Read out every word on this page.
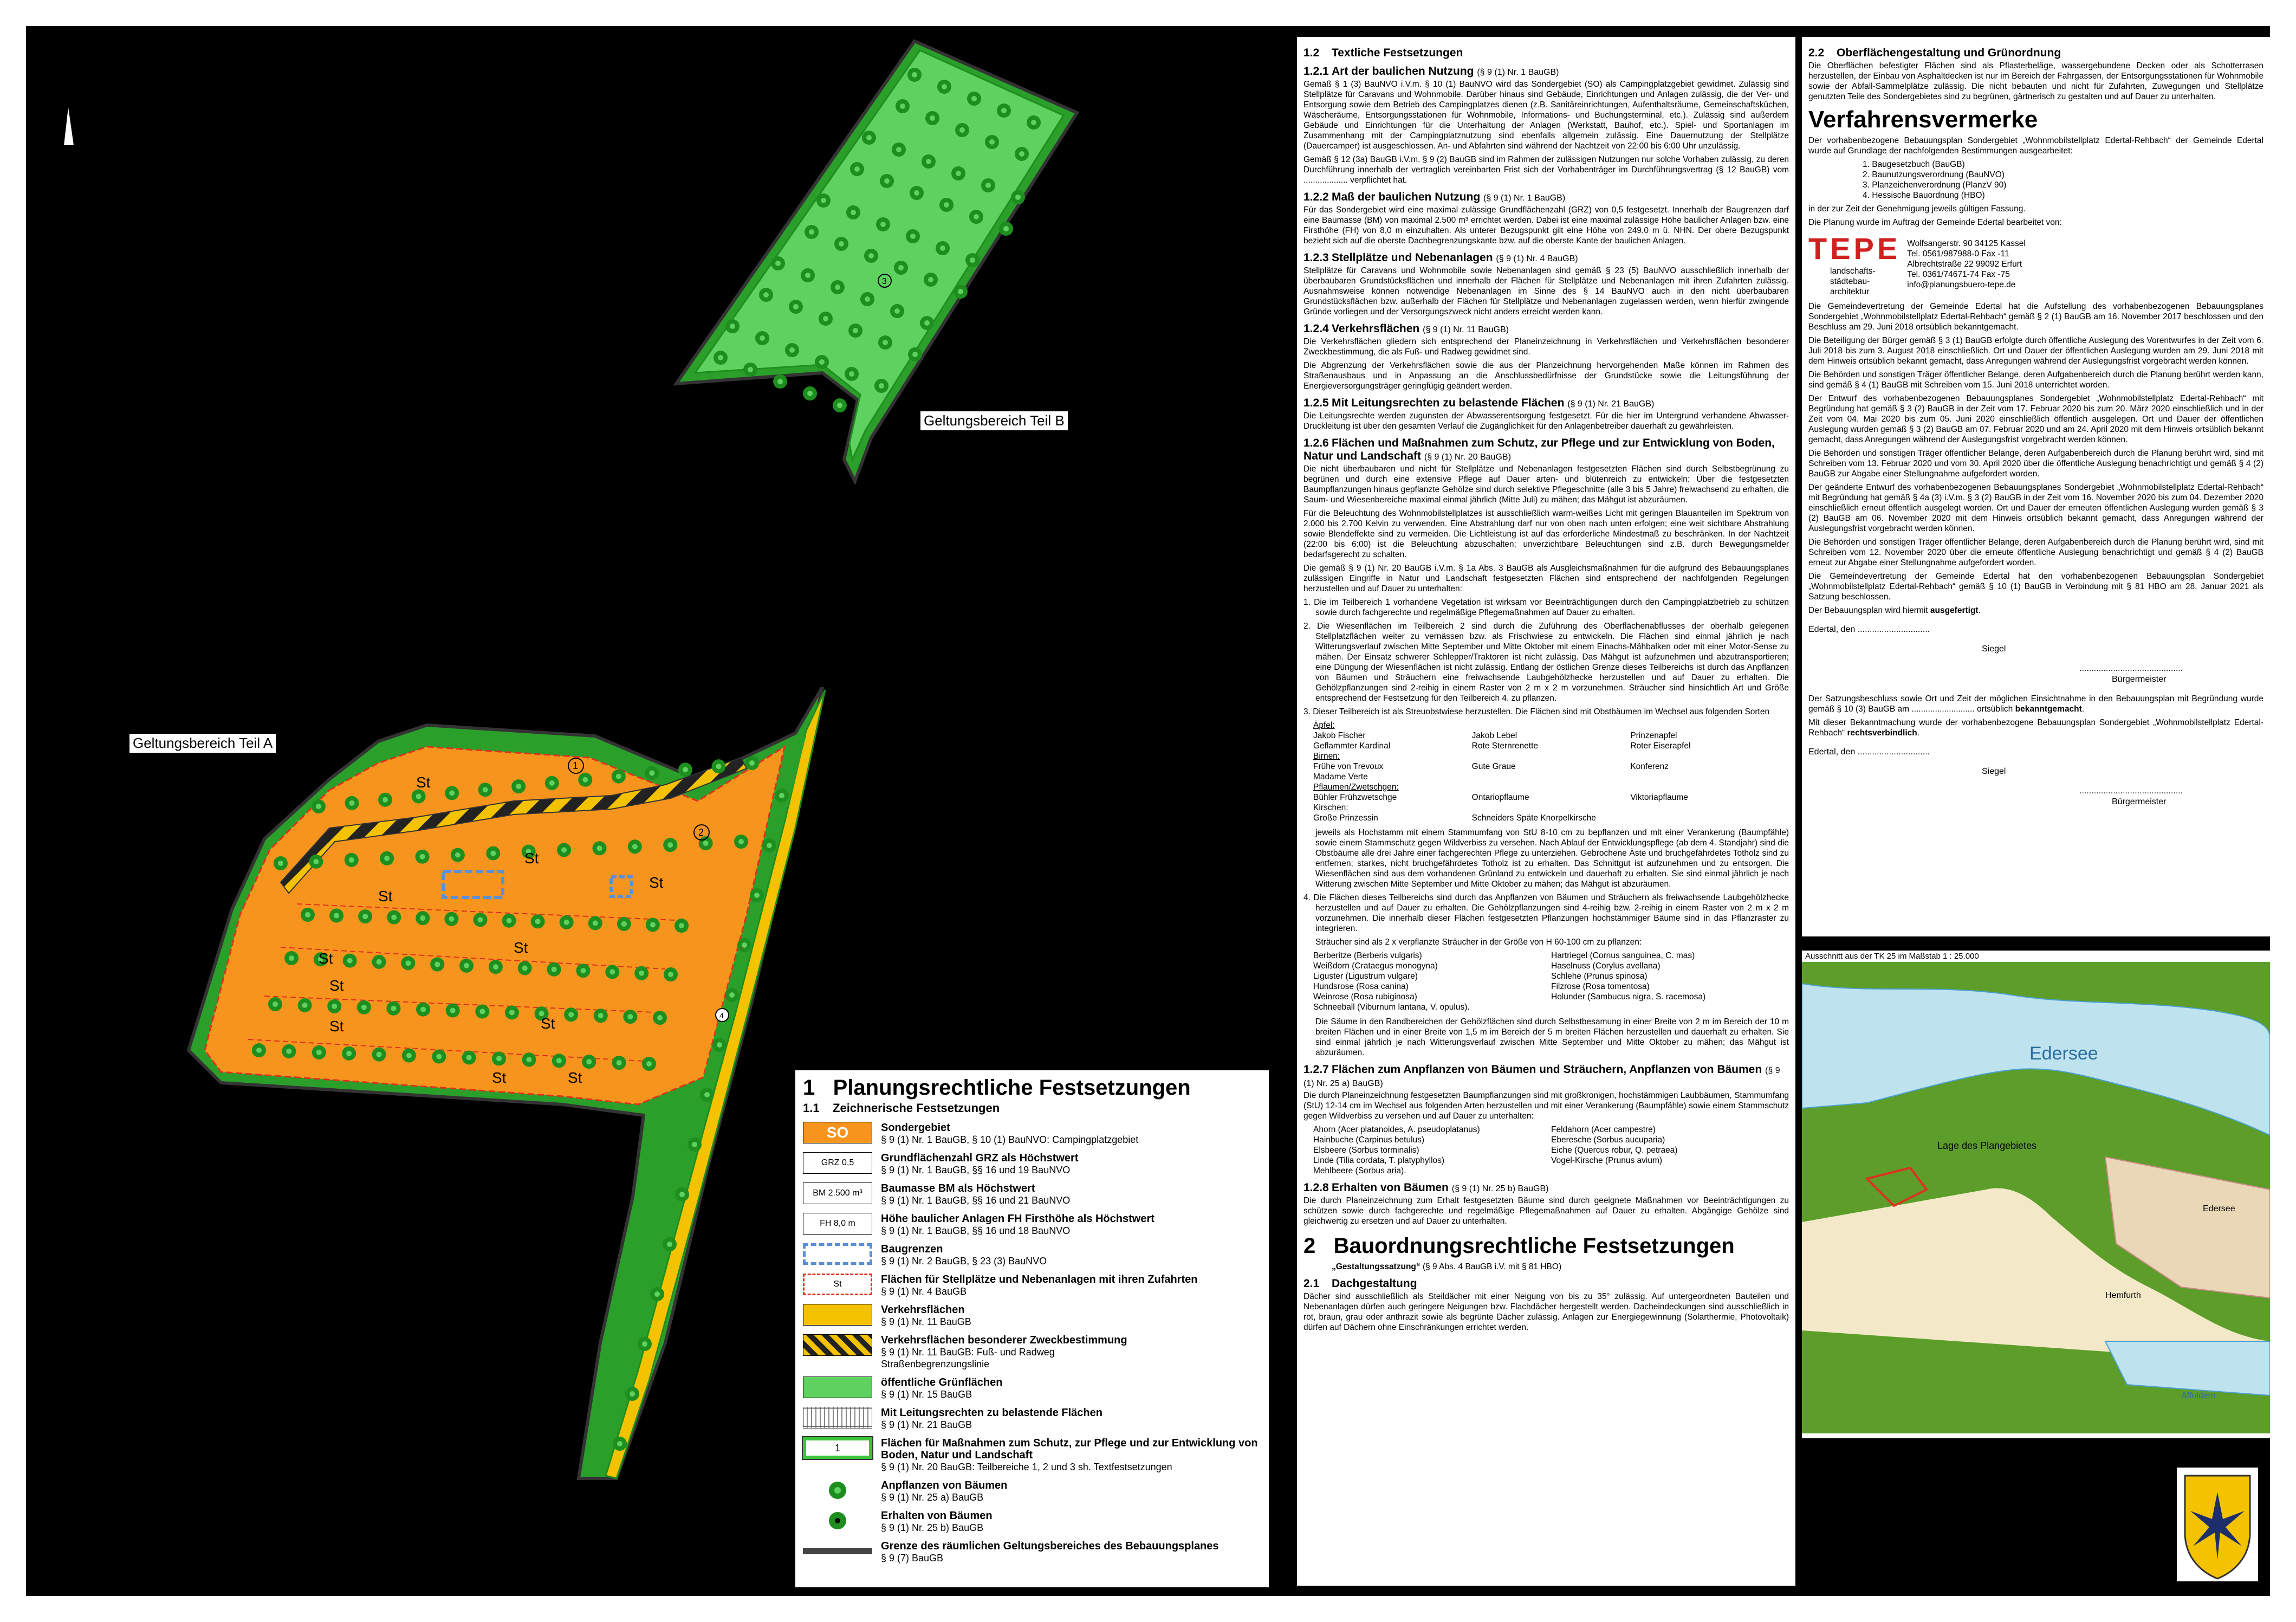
3
St
St
St
St
St
St
St
St	St
St	St
1
2
4
Geltungsbereich Teil B
Geltungsbereich Teil A
1 Planungsrechtliche Festsetzungen
1.1 Zeichnerische Festsetzungen
SO	Sondergebiet
§ 9 (1) Nr. 1 BauGB, § 10 (1) BauNVO: Campingplatzgebiet
GRZ 0,5	Grundflächenzahl GRZ als Höchstwert
§ 9 (1) Nr. 1 BauGB, §§ 16 und 19 BauNVO
BM 2.500 m³	Baumasse BM als Höchstwert
§ 9 (1) Nr. 1 BauGB, §§ 16 und 21 BauNVO
FH 8,0 m	Höhe baulicher Anlagen FH Firsthöhe als Höchstwert
§ 9 (1) Nr. 1 BauGB, §§ 16 und 18 BauNVO
Baugrenzen
§ 9 (1) Nr. 2 BauGB, § 23 (3) BauNVO
St	Flächen für Stellplätze und Nebenanlagen mit ihren Zufahrten
§ 9 (1) Nr. 4 BauGB
Verkehrsflächen
§ 9 (1) Nr. 11 BauGB
Verkehrsflächen besonderer Zweckbestimmung
§ 9 (1) Nr. 11 BauGB: Fuß- und Radweg
Straßenbegrenzungslinie
öffentliche Grünflächen
§ 9 (1) Nr. 15 BauGB
Mit Leitungsrechten zu belastende Flächen
§ 9 (1) Nr. 21 BauGB
1	Flächen für Maßnahmen zum Schutz, zur Pflege und zur Entwicklung von Boden, Natur und Landschaft
§ 9 (1) Nr. 20 BauGB: Teilbereiche 1, 2 und 3 sh. Textfestsetzungen
Anpflanzen von Bäumen
§ 9 (1) Nr. 25 a) BauGB
Erhalten von Bäumen
§ 9 (1) Nr. 25 b) BauGB
Grenze des räumlichen Geltungsbereiches des Bebauungsplanes
§ 9 (7) BauGB
1.2 Textliche Festsetzungen
1.2.1 Art der baulichen Nutzung (§ 9 (1) Nr. 1 BauGB)

Gemäß § 1 (3) BauNVO i.V.m. § 10 (1) BauNVO wird das Sondergebiet (SO) als Campingplatzgebiet gewidmet. Zulässig sind Stellplätze für Caravans und Wohnmobile. Darüber hinaus sind Gebäude, Einrichtungen und Anlagen zulässig, die der Ver- und Entsorgung sowie dem Betrieb des Campingplatzes dienen (z.B. Sanitäreinrichtungen, Aufenthaltsräume, Gemeinschaftsküchen, Wäscheräume, Entsorgungsstationen für Wohnmobile, Informations- und Buchungsterminal, etc.). Zulässig sind außerdem Gebäude und Einrichtungen für die Unterhaltung der Anlagen (Werkstatt, Bauhof, etc.). Spiel- und Sportanlagen im Zusammenhang mit der Campingplatznutzung sind ebenfalls allgemein zulässig. Eine Dauernutzung der Stellplätze (Dauercamper) ist ausgeschlossen. An- und Abfahrten sind während der Nachtzeit von 22:00 bis 6:00 Uhr unzulässig.

Gemäß § 12 (3a) BauGB i.V.m. § 9 (2) BauGB sind im Rahmen der zulässigen Nutzungen nur solche Vorhaben zulässig, zu deren Durchführung innerhalb der vertraglich vereinbarten Frist sich der Vorhabenträger im Durchführungsvertrag (§ 12 BauGB) vom ................... verpflichtet hat.

1.2.2 Maß der baulichen Nutzung (§ 9 (1) Nr. 1 BauGB)

Für das Sondergebiet wird eine maximal zulässige Grundflächenzahl (GRZ) von 0,5 festgesetzt. Innerhalb der Baugrenzen darf eine Baumasse (BM) von maximal 2.500 m³ errichtet werden. Dabei ist eine maximal zulässige Höhe baulicher Anlagen bzw. eine Firsthöhe (FH) von 8,0 m einzuhalten. Als unterer Bezugspunkt gilt eine Höhe von 249,0 m ü. NHN. Der obere Bezugspunkt bezieht sich auf die oberste Dachbegrenzungskante bzw. auf die oberste Kante der baulichen Anlagen.

1.2.3 Stellplätze und Nebenanlagen (§ 9 (1) Nr. 4 BauGB)

Stellplätze für Caravans und Wohnmobile sowie Nebenanlagen sind gemäß § 23 (5) BauNVO ausschließlich innerhalb der überbaubaren Grundstücksflächen und innerhalb der Flächen für Stellplätze und Nebenanlagen mit ihren Zufahrten zulässig. Ausnahmsweise können notwendige Nebenanlagen im Sinne des § 14 BauNVO auch in den nicht überbaubaren Grundstücksflächen bzw. außerhalb der Flächen für Stellplätze und Nebenanlagen zugelassen werden, wenn hierfür zwingende Gründe vorliegen und der Versorgungszweck nicht anders erreicht werden kann.

1.2.4 Verkehrsflächen (§ 9 (1) Nr. 11 BauGB)

Die Verkehrsflächen gliedern sich entsprechend der Planeinzeichnung in Verkehrsflächen und Verkehrsflächen besonderer Zweckbestimmung, die als Fuß- und Radweg gewidmet sind.

Die Abgrenzung der Verkehrsflächen sowie die aus der Planzeichnung hervorgehenden Maße können im Rahmen des Straßenausbaus und in Anpassung an die Anschlussbedürfnisse der Grundstücke sowie die Leitungsführung der Energieversorgungsträger geringfügig geändert werden.

1.2.5 Mit Leitungsrechten zu belastende Flächen (§ 9 (1) Nr. 21 BauGB)

Die Leitungsrechte werden zugunsten der Abwasserentsorgung festgesetzt. Für die hier im Untergrund verhandene Abwasser-Druckleitung ist über den gesamten Verlauf die Zugänglichkeit für den Anlagenbetreiber dauerhaft zu gewährleisten.

1.2.6 Flächen und Maßnahmen zum Schutz, zur Pflege und zur Entwicklung von Boden, Natur und Landschaft (§ 9 (1) Nr. 20 BauGB)

Die nicht überbaubaren und nicht für Stellplätze und Nebenanlagen festgesetzten Flächen sind durch Selbstbegrünung zu begrünen und durch eine extensive Pflege auf Dauer arten- und blütenreich zu entwickeln: Über die festgesetzten Baumpflanzungen hinaus gepflanzte Gehölze sind durch selektive Pflegeschnitte (alle 3 bis 5 Jahre) freiwachsend zu erhalten, die Saum- und Wiesenbereiche maximal einmal jährlich (Mitte Juli) zu mähen; das Mähgut ist abzuräumen.

Für die Beleuchtung des Wohnmobilstellplatzes ist ausschließlich warm-weißes Licht mit geringen Blauanteilen im Spektrum von 2.000 bis 2.700 Kelvin zu verwenden. Eine Abstrahlung darf nur von oben nach unten erfolgen; eine weit sichtbare Abstrahlung sowie Blendeffekte sind zu vermeiden. Die Lichtleistung ist auf das erforderliche Mindestmaß zu beschränken. In der Nachtzeit (22:00 bis 6:00) ist die Beleuchtung abzuschalten; unverzichtbare Beleuchtungen sind z.B. durch Bewegungsmelder bedarfsgerecht zu schalten.

Die gemäß § 9 (1) Nr. 20 BauGB i.V.m. § 1a Abs. 3 BauGB als Ausgleichsmaßnahmen für die aufgrund des Bebauungsplanes zulässigen Eingriffe in Natur und Landschaft festgesetzten Flächen sind entsprechend der nachfolgenden Regelungen herzustellen und auf Dauer zu unterhalten:

1. Die im Teilbereich 1 vorhandene Vegetation ist wirksam vor Beeinträchtigungen durch den Campingplatzbetrieb zu schützen sowie durch fachgerechte und regelmäßige Pflegemaßnahmen auf Dauer zu erhalten.

2. Die Wiesenflächen im Teilbereich 2 sind durch die Zuführung des Oberflächenabflusses der oberhalb gelegenen Stellplatzflächen weiter zu vernässen bzw. als Frischwiese zu entwickeln. Die Flächen sind einmal jährlich je nach Witterungsverlauf zwischen Mitte September und Mitte Oktober mit einem Einachs-Mähbalken oder mit einer Motor-Sense zu mähen. Der Einsatz schwerer Schlepper/Traktoren ist nicht zulässig. Das Mähgut ist aufzunehmen und abzutransportieren; eine Düngung der Wiesenflächen ist nicht zulässig. Entlang der östlichen Grenze dieses Teilbereichs ist durch das Anpflanzen von Bäumen und Sträuchern eine freiwachsende Laubgehölzhecke herzustellen und auf Dauer zu erhalten. Die Gehölzpflanzungen sind 2-reihig in einem Raster von 2 m x 2 m vorzunehmen. Sträucher sind hinsichtlich Art und Größe entsprechend der Festsetzung für den Teilbereich 4. zu pflanzen.

3. Dieser Teilbereich ist als Streuobstwiese herzustellen. Die Flächen sind mit Obstbäumen im Wechsel aus folgenden Sorten

Äpfel:
Jakob Fischer	Jakob Lebel	Prinzenapfel
Geflammter Kardinal	Rote Sternrenette	Roter Eiserapfel
Birnen:
Frühe von Trevoux	Gute Graue	Konferenz
Madame Verte
Pflaumen/Zwetschgen:
Bühler Frühzwetschge	Ontariopflaume	Viktoriapflaume
Kirschen:
Große Prinzessin	Schneiders Späte Knorpelkirsche

jeweils als Hochstamm mit einem Stammumfang von StU 8-10 cm zu bepflanzen und mit einer Verankerung (Baumpfähle) sowie einem Stammschutz gegen Wildverbiss zu versehen. Nach Ablauf der Entwicklungspflege (ab dem 4. Standjahr) sind die Obstbäume alle drei Jahre einer fachgerechten Pflege zu unterziehen. Gebrochene Äste und bruchgefährdetes Totholz sind zu entfernen; starkes, nicht bruchgefährdetes Totholz ist zu erhalten. Das Schnittgut ist aufzunehmen und zu entsorgen. Die Wiesenflächen sind aus dem vorhandenen Grünland zu entwickeln und dauerhaft zu erhalten. Sie sind einmal jährlich je nach Witterung zwischen Mitte September und Mitte Oktober zu mähen; das Mähgut ist abzuräumen.

4. Die Flächen dieses Teilbereichs sind durch das Anpflanzen von Bäumen und Sträuchern als freiwachsende Laubgehölzhecke herzustellen und auf Dauer zu erhalten. Die Gehölzpflanzungen sind 4-reihig bzw. 2-reihig in einem Raster von 2 m x 2 m vorzunehmen. Die innerhalb dieser Flächen festgesetzten Pflanzungen hochstämmiger Bäume sind in das Pflanzraster zu integrieren.

Sträucher sind als 2 x verpflanzte Sträucher in der Größe von H 60-100 cm zu pflanzen:

Berberitze (Berberis vulgaris)	Hartriegel (Cornus sanguinea, C. mas)
Weißdorn (Crataegus monogyna)	Haselnuss (Corylus avellana)
Liguster (Ligustrum vulgare)	Schlehe (Prunus spinosa)
Hundsrose (Rosa canina)	Filzrose (Rosa tomentosa)
Weinrose (Rosa rubiginosa)	Holunder (Sambucus nigra, S. racemosa)
Schneeball (Viburnum lantana, V. opulus).

Die Säume in den Randbereichen der Gehölzflächen sind durch Selbstbesamung in einer Breite von 2 m im Bereich der 10 m breiten Flächen und in einer Breite von 1,5 m im Bereich der 5 m breiten Flächen herzustellen und dauerhaft zu erhalten. Sie sind einmal jährlich je nach Witterungsverlauf zwischen Mitte September und Mitte Oktober zu mähen; das Mähgut ist abzuräumen.

1.2.7 Flächen zum Anpflanzen von Bäumen und Sträuchern, Anpflanzen von Bäumen (§ 9 (1) Nr. 25 a) BauGB)

Die durch Planeinzeichnung festgesetzten Baumpflanzungen sind mit großkronigen, hochstämmigen Laubbäumen, Stammumfang (StU) 12-14 cm im Wechsel aus folgenden Arten herzustellen und mit einer Verankerung (Baumpfähle) sowie einem Stammschutz gegen Wildverbiss zu versehen und auf Dauer zu unterhalten:

Ahorn (Acer platanoides, A. pseudoplatanus)	Feldahorn (Acer campestre)
Hainbuche (Carpinus betulus)	Eberesche (Sorbus aucuparia)
Elsbeere (Sorbus torminalis)	Eiche (Quercus robur, Q. petraea)
Linde (Tilia cordata, T. platyphyllos)	Vogel-Kirsche (Prunus avium)
Mehlbeere (Sorbus aria).
1.2.8 Erhalten von Bäumen (§ 9 (1) Nr. 25 b) BauGB)

Die durch Planeinzeichnung zum Erhalt festgesetzten Bäume sind durch geeignete Maßnahmen vor Beeinträchtigungen zu schützen sowie durch fachgerechte und regelmäßige Pflegemaßnahmen auf Dauer zu erhalten. Abgängige Gehölze sind gleichwertig zu ersetzen und auf Dauer zu unterhalten.

2 Bauordnungsrechtliche Festsetzungen
„Gestaltungssatzung“ (§ 9 Abs. 4 BauGB i.V. mit § 81 HBO)
2.1 Dachgestaltung

Dächer sind ausschließlich als Steildächer mit einer Neigung von bis zu 35° zulässig. Auf untergeordneten Bauteilen und Nebenanlagen dürfen auch geringere Neigungen bzw. Flachdächer hergestellt werden. Dacheindeckungen sind ausschließlich in rot, braun, grau oder anthrazit sowie als begrünte Dächer zulässig. Anlagen zur Energiegewinnung (Solarthermie, Photovoltaik) dürfen auf Dächern ohne Einschränkungen errichtet werden.

2.2 Oberflächengestaltung und Grünordnung

Die Oberflächen befestigter Flächen sind als Pflasterbeläge, wassergebundene Decken oder als Schotterrasen herzustellen, der Einbau von Asphaltdecken ist nur im Bereich der Fahrgassen, der Entsorgungsstationen für Wohnmobile sowie der Abfall-Sammelplätze zulässig. Die nicht bebauten und nicht für Zufahrten, Zuwegungen und Stellplätze genutzten Teile des Sondergebietes sind zu begrünen, gärtnerisch zu gestalten und auf Dauer zu unterhalten.

Verfahrensvermerke

Der vorhabenbezogene Bebauungsplan Sondergebiet „Wohnmobilstellplatz Edertal-Rehbach“ der Gemeinde Edertal wurde auf Grundlage der nachfolgenden Bestimmungen ausgearbeitet:

1. Baugesetzbuch (BauGB)
2. Baunutzungsverordnung (BauNVO)
3. Planzeichenverordnung (PlanzV 90)
4. Hessische Bauordnung (HBO)

in der zur Zeit der Genehmigung jeweils gültigen Fassung.

Die Planung wurde im Auftrag der Gemeinde Edertal bearbeitet von:

TEPE
landschafts-
städtebau-
architektur
Wolfsangerstr. 90 34125 Kassel
Tel. 0561/987988-0 Fax -11
Albrechtstraße 22 99092 Erfurt
Tel. 0361/74671-74 Fax -75
info@planungsbuero-tepe.de

Die Gemeindevertretung der Gemeinde Edertal hat die Aufstellung des vorhabenbezogenen Bebauungsplanes Sondergebiet „Wohnmobilstellplatz Edertal-Rehbach“ gemäß § 2 (1) BauGB am 16. November 2017 beschlossen und den Beschluss am 29. Juni 2018 ortsüblich bekanntgemacht.

Die Beteiligung der Bürger gemäß § 3 (1) BauGB erfolgte durch öffentliche Auslegung des Vorentwurfes in der Zeit vom 6. Juli 2018 bis zum 3. August 2018 einschließlich. Ort und Dauer der öffentlichen Auslegung wurden am 29. Juni 2018 mit dem Hinweis ortsüblich bekannt gemacht, dass Anregungen während der Auslegungsfrist vorgebracht werden können.

Die Behörden und sonstigen Träger öffentlicher Belange, deren Aufgabenbereich durch die Planung berührt werden kann, sind gemäß § 4 (1) BauGB mit Schreiben vom 15. Juni 2018 unterrichtet worden.

Der Entwurf des vorhabenbezogenen Bebauungsplanes Sondergebiet „Wohnmobilstellplatz Edertal-Rehbach“ mit Begründung hat gemäß § 3 (2) BauGB in der Zeit vom 17. Februar 2020 bis zum 20. März 2020 einschließlich und in der Zeit vom 04. Mai 2020 bis zum 05. Juni 2020 einschließlich öffentlich ausgelegen. Ort und Dauer der öffentlichen Auslegung wurden gemäß § 3 (2) BauGB am 07. Februar 2020 und am 24. April 2020 mit dem Hinweis ortsüblich bekannt gemacht, dass Anregungen während der Auslegungsfrist vorgebracht werden können.

Die Behörden und sonstigen Träger öffentlicher Belange, deren Aufgabenbereich durch die Planung berührt wird, sind mit Schreiben vom 13. Februar 2020 und vom 30. April 2020 über die öffentliche Auslegung benachrichtigt und gemäß § 4 (2) BauGB zur Abgabe einer Stellungnahme aufgefordert worden.

Der geänderte Entwurf des vorhabenbezogenen Bebauungsplanes Sondergebiet „Wohnmobilstellplatz Edertal-Rehbach“ mit Begründung hat gemäß § 4a (3) i.V.m. § 3 (2) BauGB in der Zeit vom 16. November 2020 bis zum 04. Dezember 2020 einschließlich erneut öffentlich ausgelegt worden. Ort und Dauer der erneuten öffentlichen Auslegung wurden gemäß § 3 (2) BauGB am 06. November 2020 mit dem Hinweis ortsüblich bekannt gemacht, dass Anregungen während der Auslegungsfrist vorgebracht werden können.

Die Behörden und sonstigen Träger öffentlicher Belange, deren Aufgabenbereich durch die Planung berührt wird, sind mit Schreiben vom 12. November 2020 über die erneute öffentliche Auslegung benachrichtigt und gemäß § 4 (2) BauGB erneut zur Abgabe einer Stellungnahme aufgefordert worden.

Die Gemeindevertretung der Gemeinde Edertal hat den vorhabenbezogenen Bebauungsplan Sondergebiet „Wohnmobilstellplatz Edertal-Rehbach“ gemäß § 10 (1) BauGB in Verbindung mit § 81 HBO am 28. Januar 2021 als Satzung beschlossen.

Der Bebauungsplan wird hiermit ausgefertigt.

Edertal, den ..............................

Siegel

...........................................

Bürgermeister

Der Satzungsbeschluss sowie Ort und Zeit der möglichen Einsichtnahme in den Bebauungsplan mit Begründung wurde gemäß § 10 (3) BauGB am ........................... ortsüblich bekanntgemacht.

Mit dieser Bekanntmachung wurde der vorhabenbezogene Bebauungsplan Sondergebiet „Wohnmobilstellplatz Edertal-Rehbach“ rechtsverbindlich.

Edertal, den ..............................

Siegel

...........................................

Bürgermeister

Ausschnitt aus der TK 25 im Maßstab 1 : 25.000
Edersee
Lage des Plangebietes
Hemfurth
Affoldern
Edersee
